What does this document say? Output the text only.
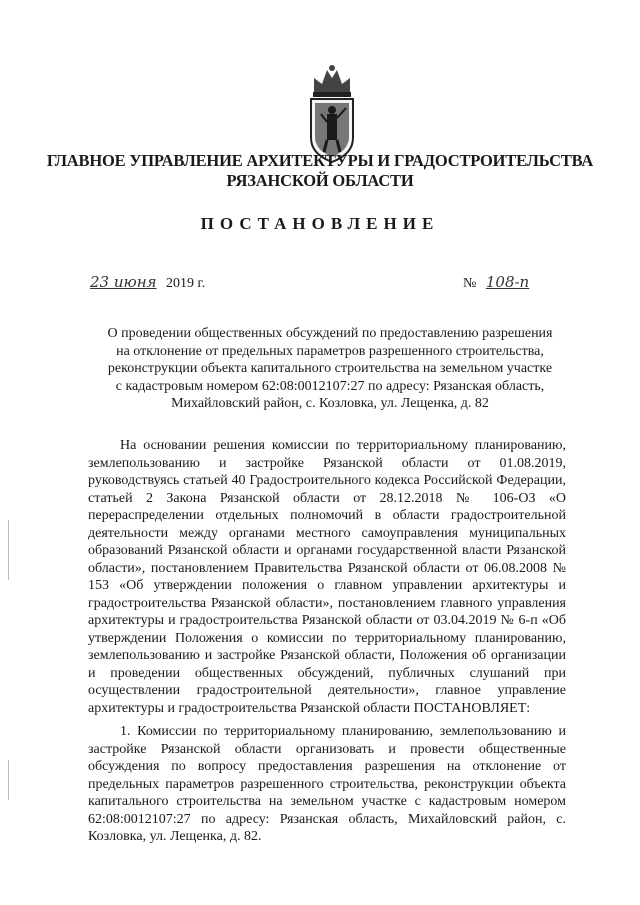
ГЛАВНОЕ УПРАВЛЕНИЕ АРХИТЕКТУРЫ И ГРАДОСТРОИТЕЛЬСТВА
РЯЗАНСКОЙ ОБЛАСТИ
ПОСТАНОВЛЕНИЕ
23 июня 2019 г.	№ 108-п
О проведении общественных обсуждений по предоставлению разрешения
на отклонение от предельных параметров разрешенного строительства,
реконструкции объекта капитального строительства на земельном участке
с кадастровым номером 62:08:0012107:27 по адресу: Рязанская область,
Михайловский район, с. Козловка, ул. Лещенка, д. 82
На основании решения комиссии по территориальному планированию, землепользованию и застройке Рязанской области от 01.08.2019, руководствуясь статьей 40 Градостроительного кодекса Российской Федерации, статьей 2 Закона Рязанской области от 28.12.2018 № 106-ОЗ «О перераспределении отдельных полномочий в области градостроительной деятельности между органами местного самоуправления муниципальных образований Рязанской области и органами государственной власти Рязанской области», постановлением Правительства Рязанской области от 06.08.2008 № 153 «Об утверждении положения о главном управлении архитектуры и градостроительства Рязанской области», постановлением главного управления архитектуры и градостроительства Рязанской области от 03.04.2019 № 6-п «Об утверждении Положения о комиссии по территориальному планированию, землепользованию и застройке Рязанской области, Положения об организации и проведении общественных обсуждений, публичных слушаний при осуществлении градостроительной деятельности», главное управление архитектуры и градостроительства Рязанской области ПОСТАНОВЛЯЕТ:
1. Комиссии по территориальному планированию, землепользованию и застройке Рязанской области организовать и провести общественные обсуждения по вопросу предоставления разрешения на отклонение от предельных параметров разрешенного строительства, реконструкции объекта капитального строительства на земельном участке с кадастровым номером 62:08:0012107:27 по адресу: Рязанская область, Михайловский район, с. Козловка, ул. Лещенка, д. 82.
